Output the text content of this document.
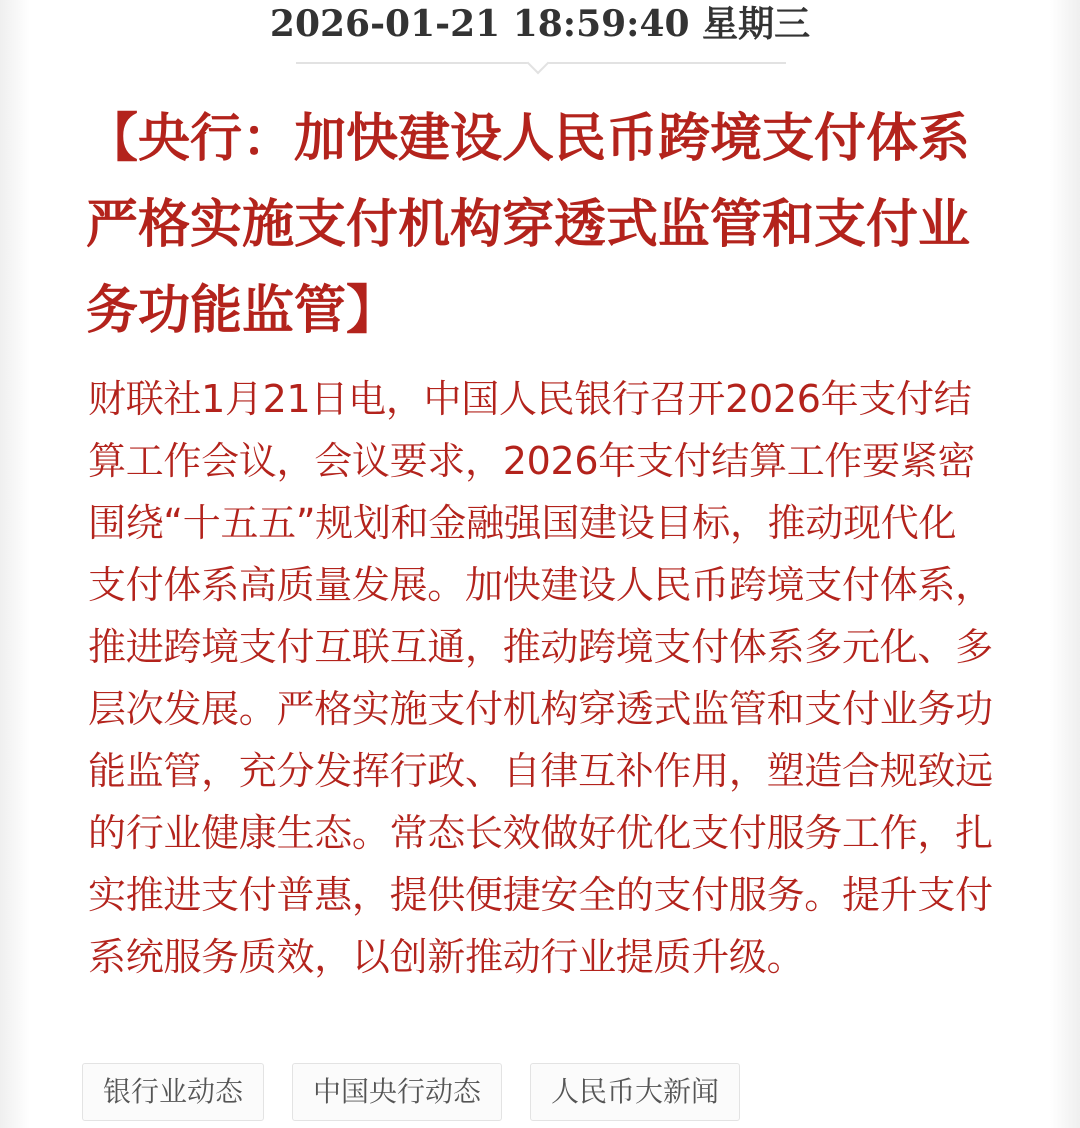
2026-01-21 18:59:40 星期三
【央行：加快建设人民币跨境支付体系 严格实施支付机构穿透式监管和支付业务功能监管】

财联社1月21日电，中国人民银行召开2026年支付结算工作会议，会议要求，2026年支付结算工作要紧密围绕“十五五”规划和金融强国建设目标，推动现代化支付体系高质量发展。加快建设人民币跨境支付体系，推进跨境支付互联互通，推动跨境支付体系多元化、多层次发展。严格实施支付机构穿透式监管和支付业务功能监管，充分发挥行政、自律互补作用，塑造合规致远的行业健康生态。常态长效做好优化支付服务工作，扎实推进支付普惠，提供便捷安全的支付服务。提升支付系统服务质效，以创新推动行业提质升级。

银行业动态	中国央行动态	人民币大新闻
